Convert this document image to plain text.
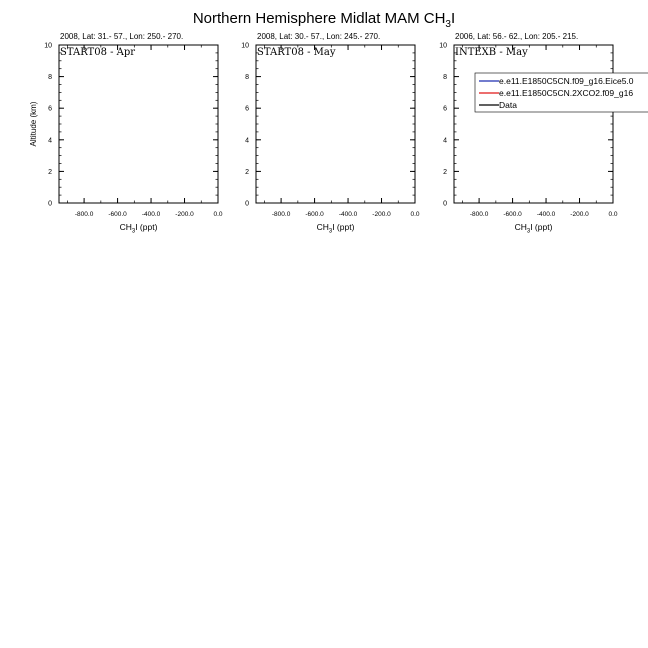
Northern Hemisphere Midlat MAM $CH_3I$
2008, Lat: 31.- 57., Lon: 250.- 270.
START08 - Apr
-800.0 -600.0 -400.0 -200.0	0.0
0
2
4
6
8
10
$CH_3I$ (ppt)
Altitude (km)
2008, Lat: 30.- 57., Lon: 245.- 270.
START08 - May
-800.0 -600.0 -400.0 -200.0	0.0
0
2
4
6
8
10
$CH_3I$ (ppt)
2006, Lat: 56.- 62., Lon: 205.- 215.
INTEXB - May
-800.0 -600.0 -400.0 -200.0	0.0
0
2
4
6
8
10
$CH_3I$ (ppt)
e.e11.E1850C5CN.f09_g16.Eice5.0
e.e11.E1850C5CN.2XCO2.f09_g16
Data
